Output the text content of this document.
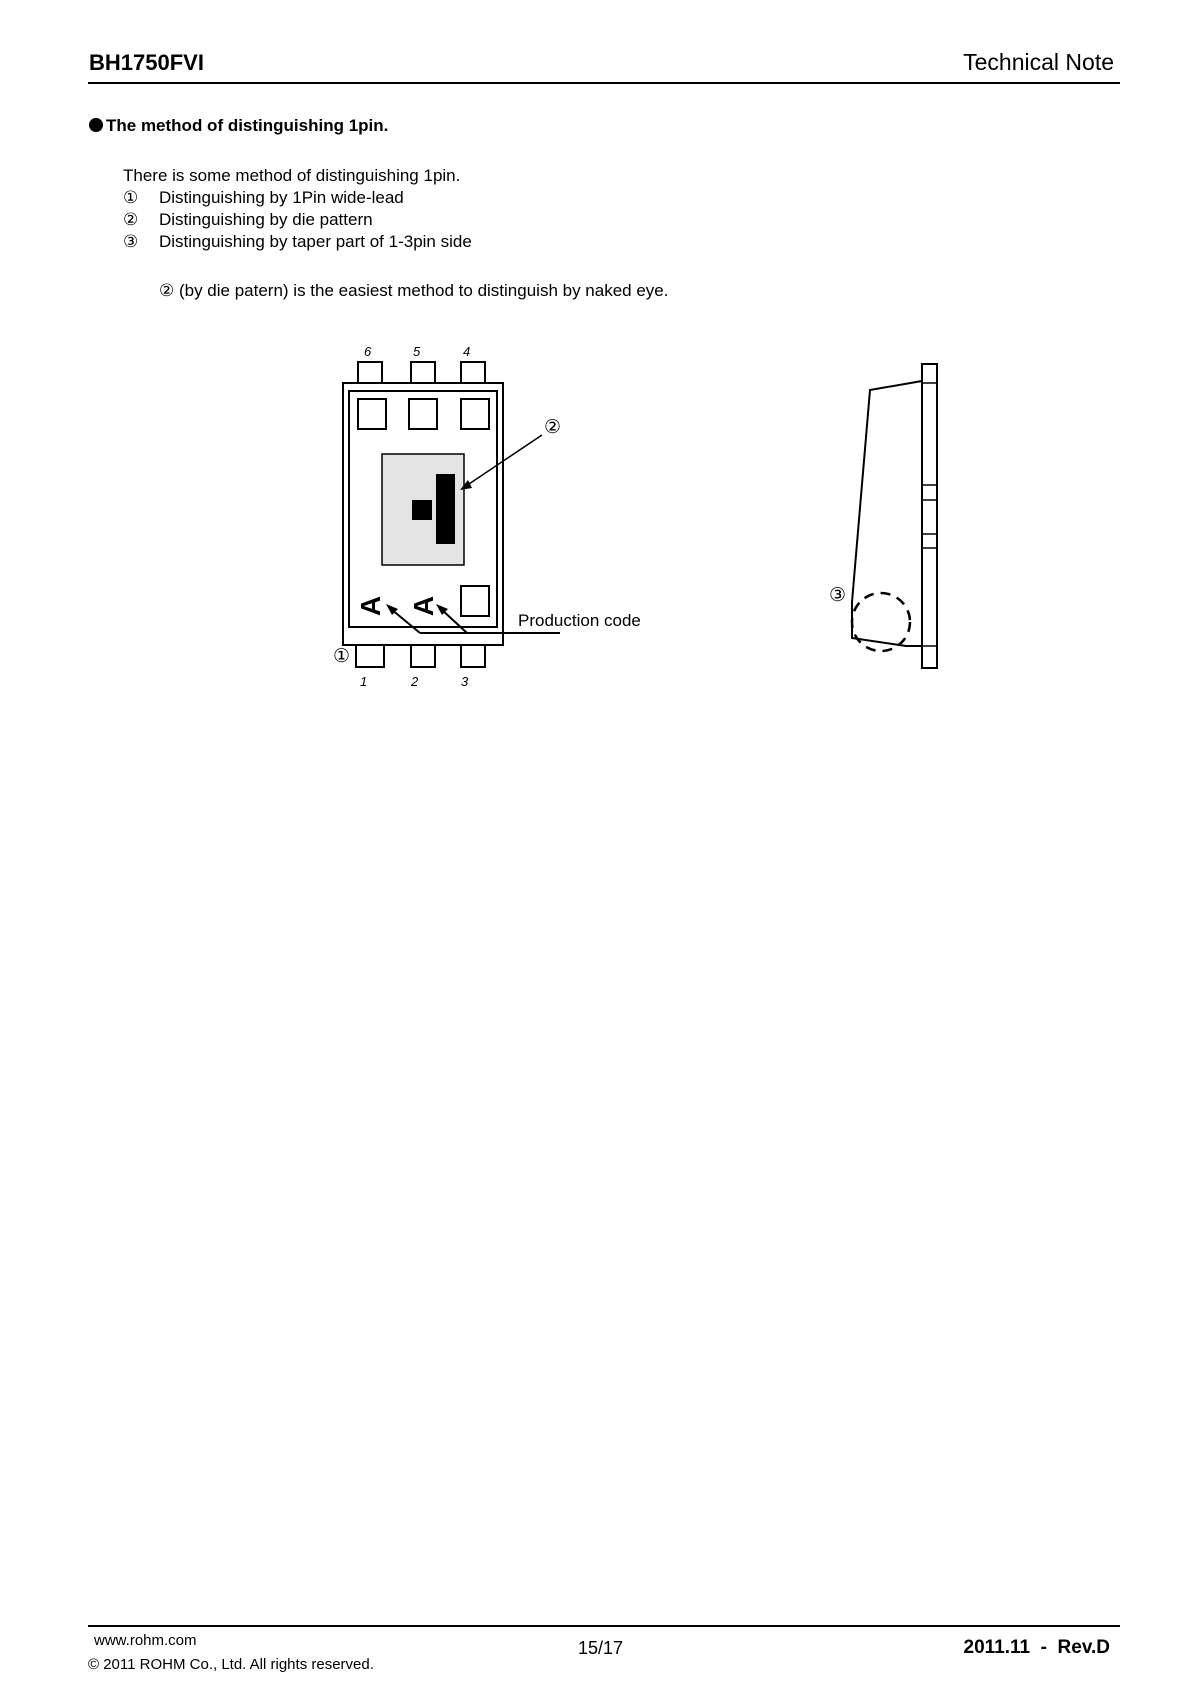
BH1750FVI	Technical Note
The method of distinguishing 1pin.
There is some method of distinguishing 1pin.
① Distinguishing by 1Pin wide-lead
② Distinguishing by die pattern
③ Distinguishing by taper part of 1-3pin side
② (by die patern) is the easiest method to distinguish by naked eye.
A A
6	5	4
1	2	3
②
①
Production code
③
www.rohm.com
© 2011 ROHM Co., Ltd. All rights reserved.
15/17	2011.11  -  Rev.D
